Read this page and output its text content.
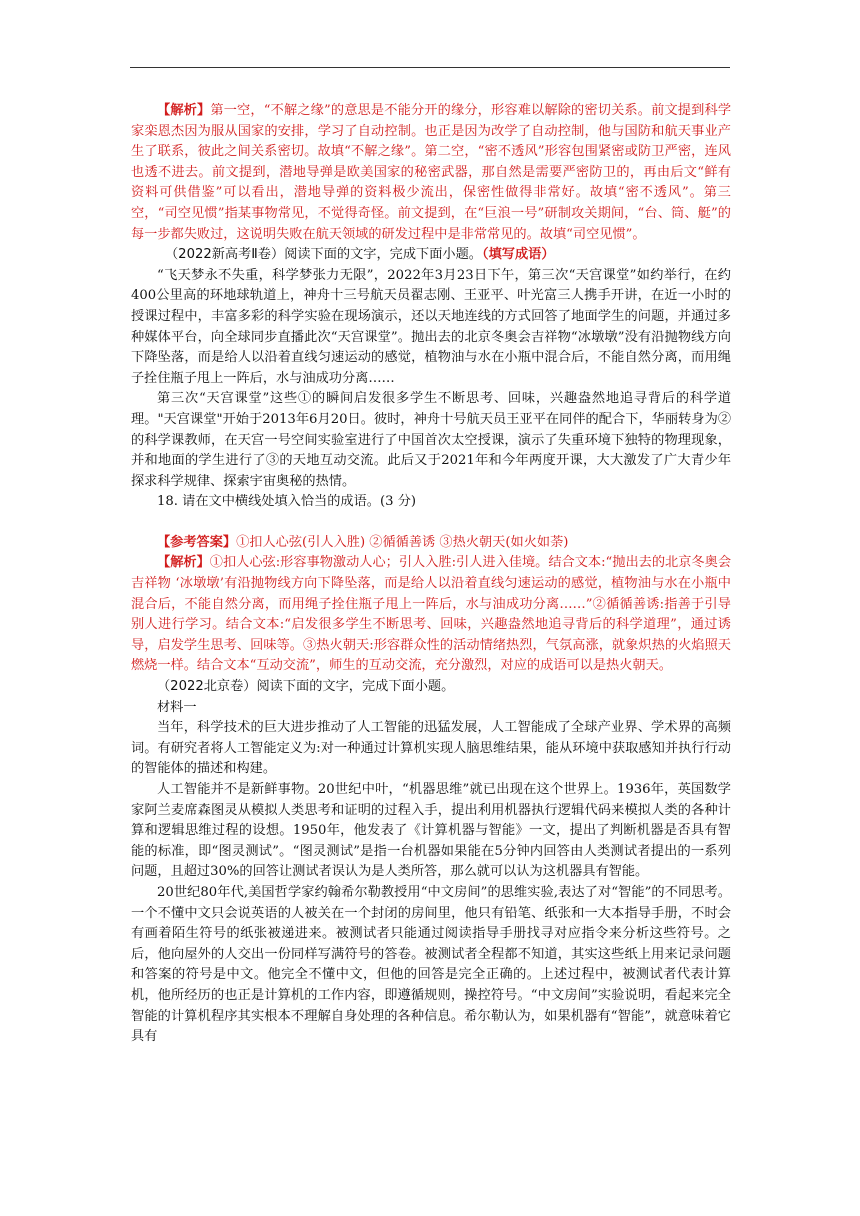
【解析】第一空，“不解之缘”的意思是不能分开的缘分，形容难以解除的密切关系。前文提到科学家栾恩杰因为服从国家的安排，学习了自动控制。也正是因为改学了自动控制，他与国防和航天事业产生了联系，彼此之间关系密切。故填“不解之缘”。第二空，“密不透风”形容包围紧密或防卫严密，连风也透不进去。前文提到，潜地导弹是欧美国家的秘密武器，那自然是需要严密防卫的，再由后文“鲜有资料可供借鉴”可以看出，潜地导弹的资料极少流出，保密性做得非常好。故填“密不透风”。第三空，“司空见惯”指某事物常见，不觉得奇怪。前文提到，在“巨浪一号”研制攻关期间，“台、筒、艇”的每一步都失败过，这说明失败在航天领域的研发过程中是非常常见的。故填“司空见惯”。

（2022新高考Ⅱ卷）阅读下面的文字，完成下面小题。（填写成语）

“飞天梦永不失重，科学梦张力无限”，2022年3月23日下午，第三次“天宫课堂”如约举行，在约400公里高的环地球轨道上，神舟十三号航天员翟志刚、王亚平、叶光富三人携手开讲，在近一小时的授课过程中，丰富多彩的科学实验在现场演示，还以天地连线的方式回答了地面学生的问题，并通过多种媒体平台，向全球同步直播此次“天宫课堂”。抛出去的北京冬奥会吉祥物“冰墩墩”没有沿抛物线方向下降坠落，而是给人以沿着直线匀速运动的感觉，植物油与水在小瓶中混合后，不能自然分离，而用绳子拴住瓶子甩上一阵后，水与油成功分离……

第三次“天宫课堂”这些①的瞬间启发很多学生不断思考、回味，兴趣盎然地追寻背后的科学道理。"天宫课堂"开始于2013年6月20日。彼时，神舟十号航天员王亚平在同伴的配合下，华丽转身为②的科学课教师，在天宫一号空间实验室进行了中国首次太空授课，演示了失重环境下独特的物理现象，并和地面的学生进行了③的天地互动交流。此后又于2021年和今年两度开课，大大激发了广大青少年探求科学规律、探索宇宙奥秘的热情。

18. 请在文中横线处填入恰当的成语。(3 分)

【参考答案】①扣人心弦(引人入胜) ②循循善诱 ③热火朝天(如火如荼)

【解析】①扣人心弦:形容事物激动人心；引人入胜:引人进入佳境。结合文本:“抛出去的北京冬奥会吉祥物 ‘冰墩墩’有沿抛物线方向下降坠落，而是给人以沿着直线匀速运动的感觉，植物油与水在小瓶中混合后，不能自然分离，而用绳子拴住瓶子甩上一阵后，水与油成功分离……”②循循善诱:指善于引导别人进行学习。结合文本:“启发很多学生不断思考、回味，兴趣盎然地追寻背后的科学道理”，通过诱导，启发学生思考、回味等。③热火朝天:形容群众性的活动情绪热烈，气氛高涨，就象炽热的火焰照天燃烧一样。结合文本“互动交流”，师生的互动交流，充分激烈，对应的成语可以是热火朝天。

（2022北京卷）阅读下面的文字，完成下面小题。

材料一

当年，科学技术的巨大进步推动了人工智能的迅猛发展，人工智能成了全球产业界、学术界的高频词。有研究者将人工智能定义为:对一种通过计算机实现人脑思维结果，能从环境中获取感知并执行行动的智能体的描述和构建。

人工智能并不是新鲜事物。20世纪中叶，“机器思维”就已出现在这个世界上。1936年，英国数学家阿兰麦席森图灵从模拟人类思考和证明的过程入手，提出利用机器执行逻辑代码来模拟人类的各种计算和逻辑思维过程的设想。1950年，他发表了《计算机器与智能》一文，提出了判断机器是否具有智能的标准，即“图灵测试”。“图灵测试”是指一台机器如果能在5分钟内回答由人类测试者提出的一系列问题，且超过30%的回答让测试者误认为是人类所答，那么就可以认为这机器具有智能。

20世纪80年代,美国哲学家约翰希尔勒教授用“中文房间”的思维实验,表达了对“智能”的不同思考。一个不懂中文只会说英语的人被关在一个封闭的房间里，他只有铅笔、纸张和一大本指导手册，不时会有画着陌生符号的纸张被递进来。被测试者只能通过阅读指导手册找寻对应指令来分析这些符号。之后，他向屋外的人交出一份同样写满符号的答卷。被测试者全程都不知道，其实这些纸上用来记录问题和答案的符号是中文。他完全不懂中文，但他的回答是完全正确的。上述过程中，被测试者代表计算机，他所经历的也正是计算机的工作内容，即遵循规则，操控符号。“中文房间”实验说明，看起来完全智能的计算机程序其实根本不理解自身处理的各种信息。希尔勒认为，如果机器有“智能”，就意味着它具有
